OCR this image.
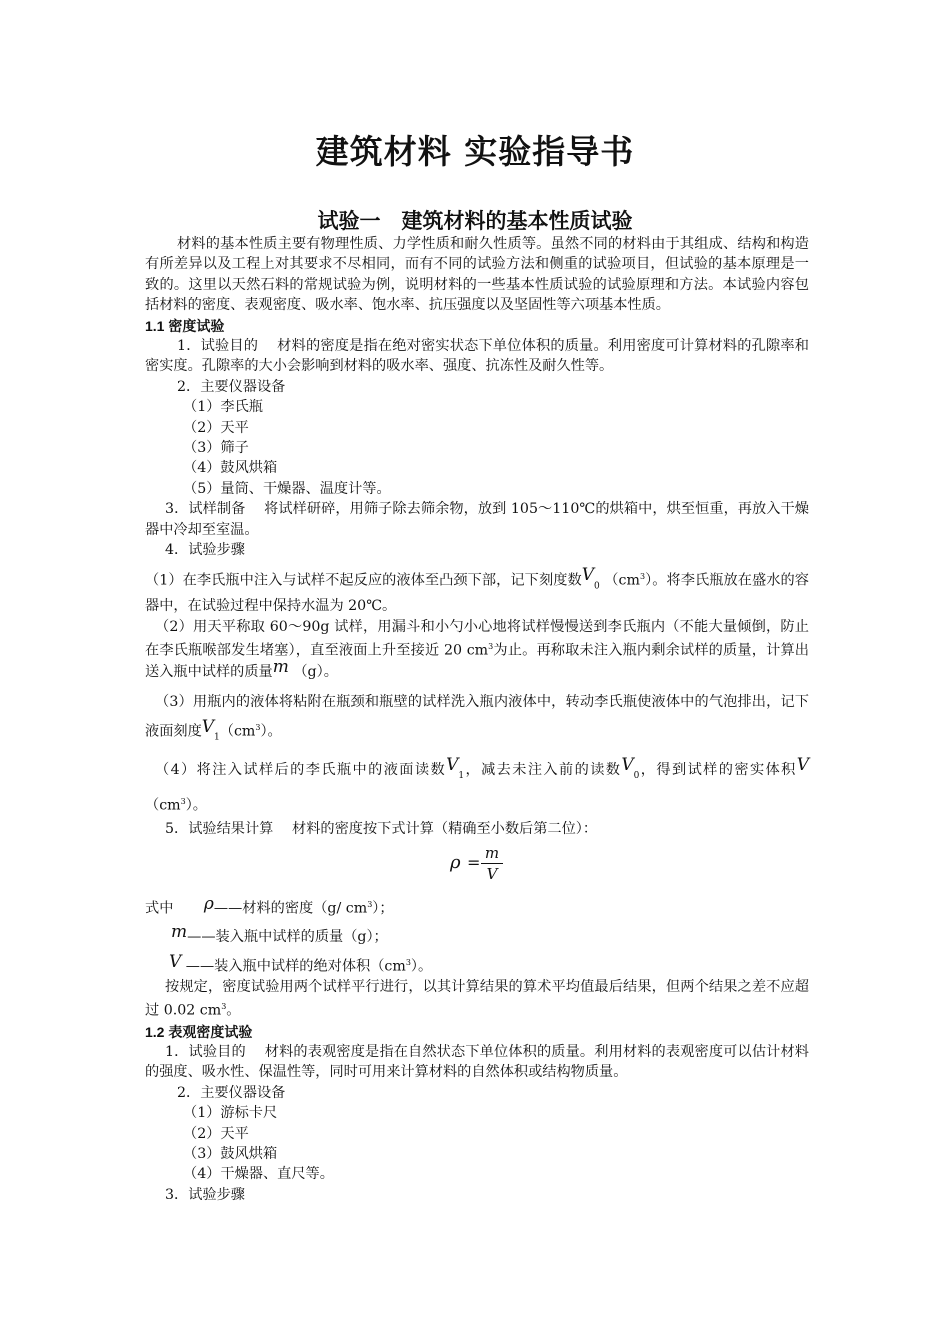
建筑材料 实验指导书
试验一　建筑材料的基本性质试验

材料的基本性质主要有物理性质、力学性质和耐久性质等。虽然不同的材料由于其组成、结构和构造有所差异以及工程上对其要求不尽相同，而有不同的试验方法和侧重的试验项目，但试验的基本原理是一致的。这里以天然石料的常规试验为例，说明材料的一些基本性质试验的试验原理和方法。本试验内容包括材料的密度、表观密度、吸水率、饱水率、抗压强度以及坚固性等六项基本性质。

1.1 密度试验

1．试验目的　 材料的密度是指在绝对密实状态下单位体积的质量。利用密度可计算材料的孔隙率和密实度。孔隙率的大小会影响到材料的吸水率、强度、抗冻性及耐久性等。

2．主要仪器设备

（1）李氏瓶

（2）天平

（3）筛子

（4）鼓风烘箱

（5）量筒、干燥器、温度计等。

3．试样制备　 将试样研碎，用筛子除去筛余物，放到 105～110℃的烘箱中，烘至恒重，再放入干燥器中冷却至室温。

4．试验步骤

（1）在李氏瓶中注入与试样不起反应的液体至凸颈下部，记下刻度数$V_0$ $(cm^3)$。将李氏瓶放在盛水的容器中，在试验过程中保持水温为 20℃。

（2）用天平称取 60～90g 试样，用漏斗和小勺小心地将试样慢慢送到李氏瓶内（不能大量倾倒，防止在李氏瓶喉部发生堵塞），直至液面上升至接近 20 $cm^3$为止。再称取未注入瓶内剩余试样的质量，计算出送入瓶中试样的质量m （g）。

（3）用瓶内的液体将粘附在瓶颈和瓶壁的试样洗入瓶内液体中，转动李氏瓶使液体中的气泡排出，记下液面刻度$V_1(cm^3)$。

（4）将注入试样后的李氏瓶中的液面读数$V_1$，减去未注入前的读数$V_0$，得到试样的密实体积V $(cm^3)$。

5．试验结果计算　 材料的密度按下式计算（精确至小数后第二位）：

$\rho = \frac{m}{V}$

式中 ρ——材料的密度（g/ $cm^3$）；

m——装入瓶中试样的质量（g）；

V ——装入瓶中试样的绝对体积$(cm^3)$。

按规定，密度试验用两个试样平行进行，以其计算结果的算术平均值最后结果，但两个结果之差不应超过 0.02 $cm^3$。

1.2 表观密度试验

1．试验目的　 材料的表观密度是指在自然状态下单位体积的质量。利用材料的表观密度可以估计材料的强度、吸水性、保温性等，同时可用来计算材料的自然体积或结构物质量。

2．主要仪器设备

（1）游标卡尺

（2）天平

（3）鼓风烘箱

（4）干燥器、直尺等。

3．试验步骤
